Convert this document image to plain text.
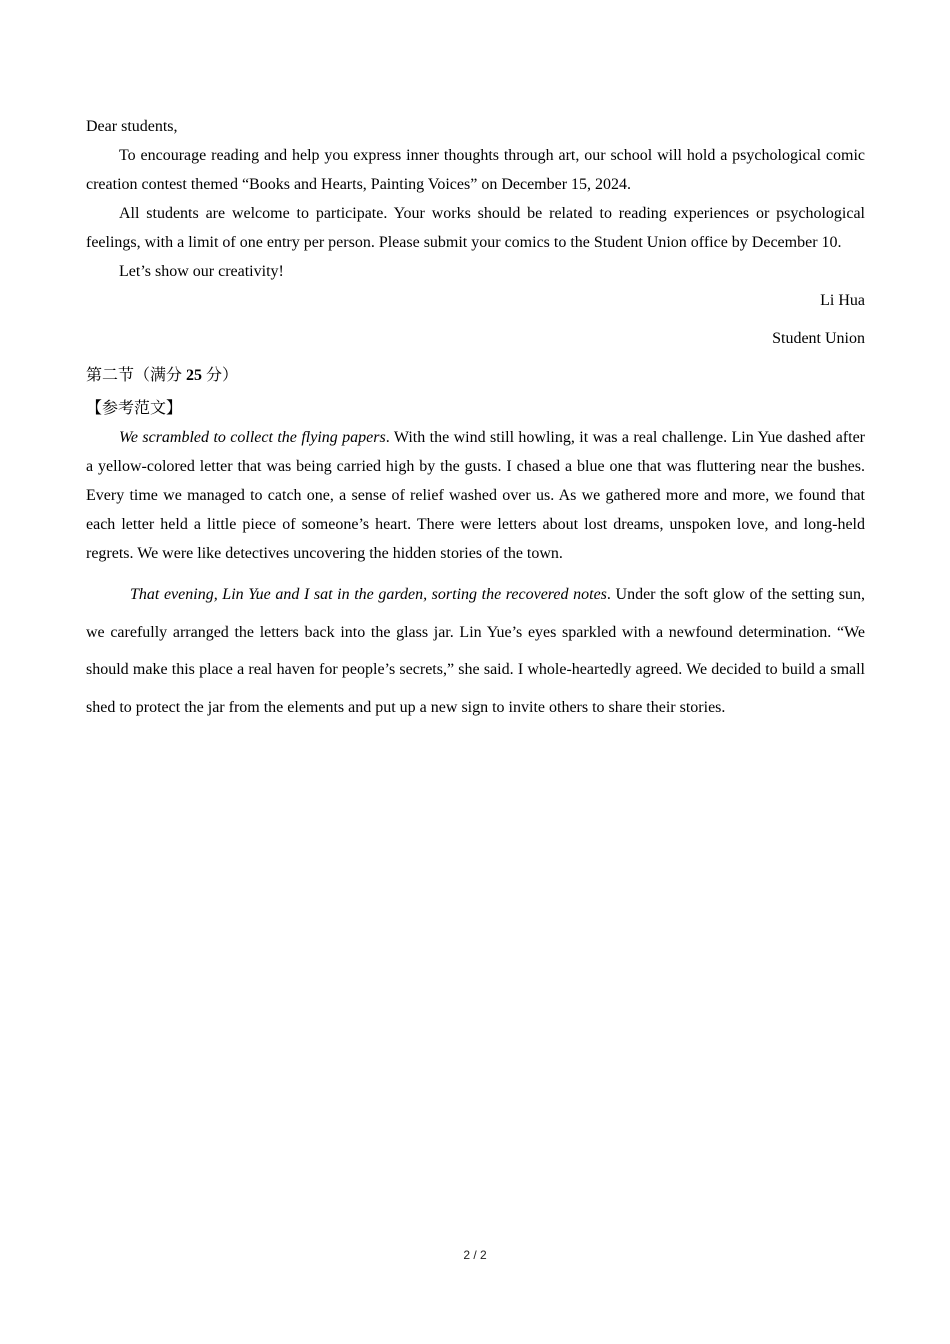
Dear students,

To encourage reading and help you express inner thoughts through art, our school will hold a psychological comic creation contest themed “Books and Hearts, Painting Voices” on December 15, 2024.

All students are welcome to participate. Your works should be related to reading experiences or psychological feelings, with a limit of one entry per person. Please submit your comics to the Student Union office by December 10.

Let’s show our creativity!

Li Hua
Student Union

第二节（满分 25 分）

【参考范文】

We scrambled to collect the flying papers. With the wind still howling, it was a real challenge. Lin Yue dashed after a yellow-colored letter that was being carried high by the gusts. I chased a blue one that was fluttering near the bushes. Every time we managed to catch one, a sense of relief washed over us. As we gathered more and more, we found that each letter held a little piece of someone’s heart. There were letters about lost dreams, unspoken love, and long-held regrets. We were like detectives uncovering the hidden stories of the town.

That evening, Lin Yue and I sat in the garden, sorting the recovered notes. Under the soft glow of the setting sun, we carefully arranged the letters back into the glass jar. Lin Yue’s eyes sparkled with a newfound determination. “We should make this place a real haven for people’s secrets,” she said. I whole-heartedly agreed. We decided to build a small shed to protect the jar from the elements and put up a new sign to invite others to share their stories.

2 / 2
